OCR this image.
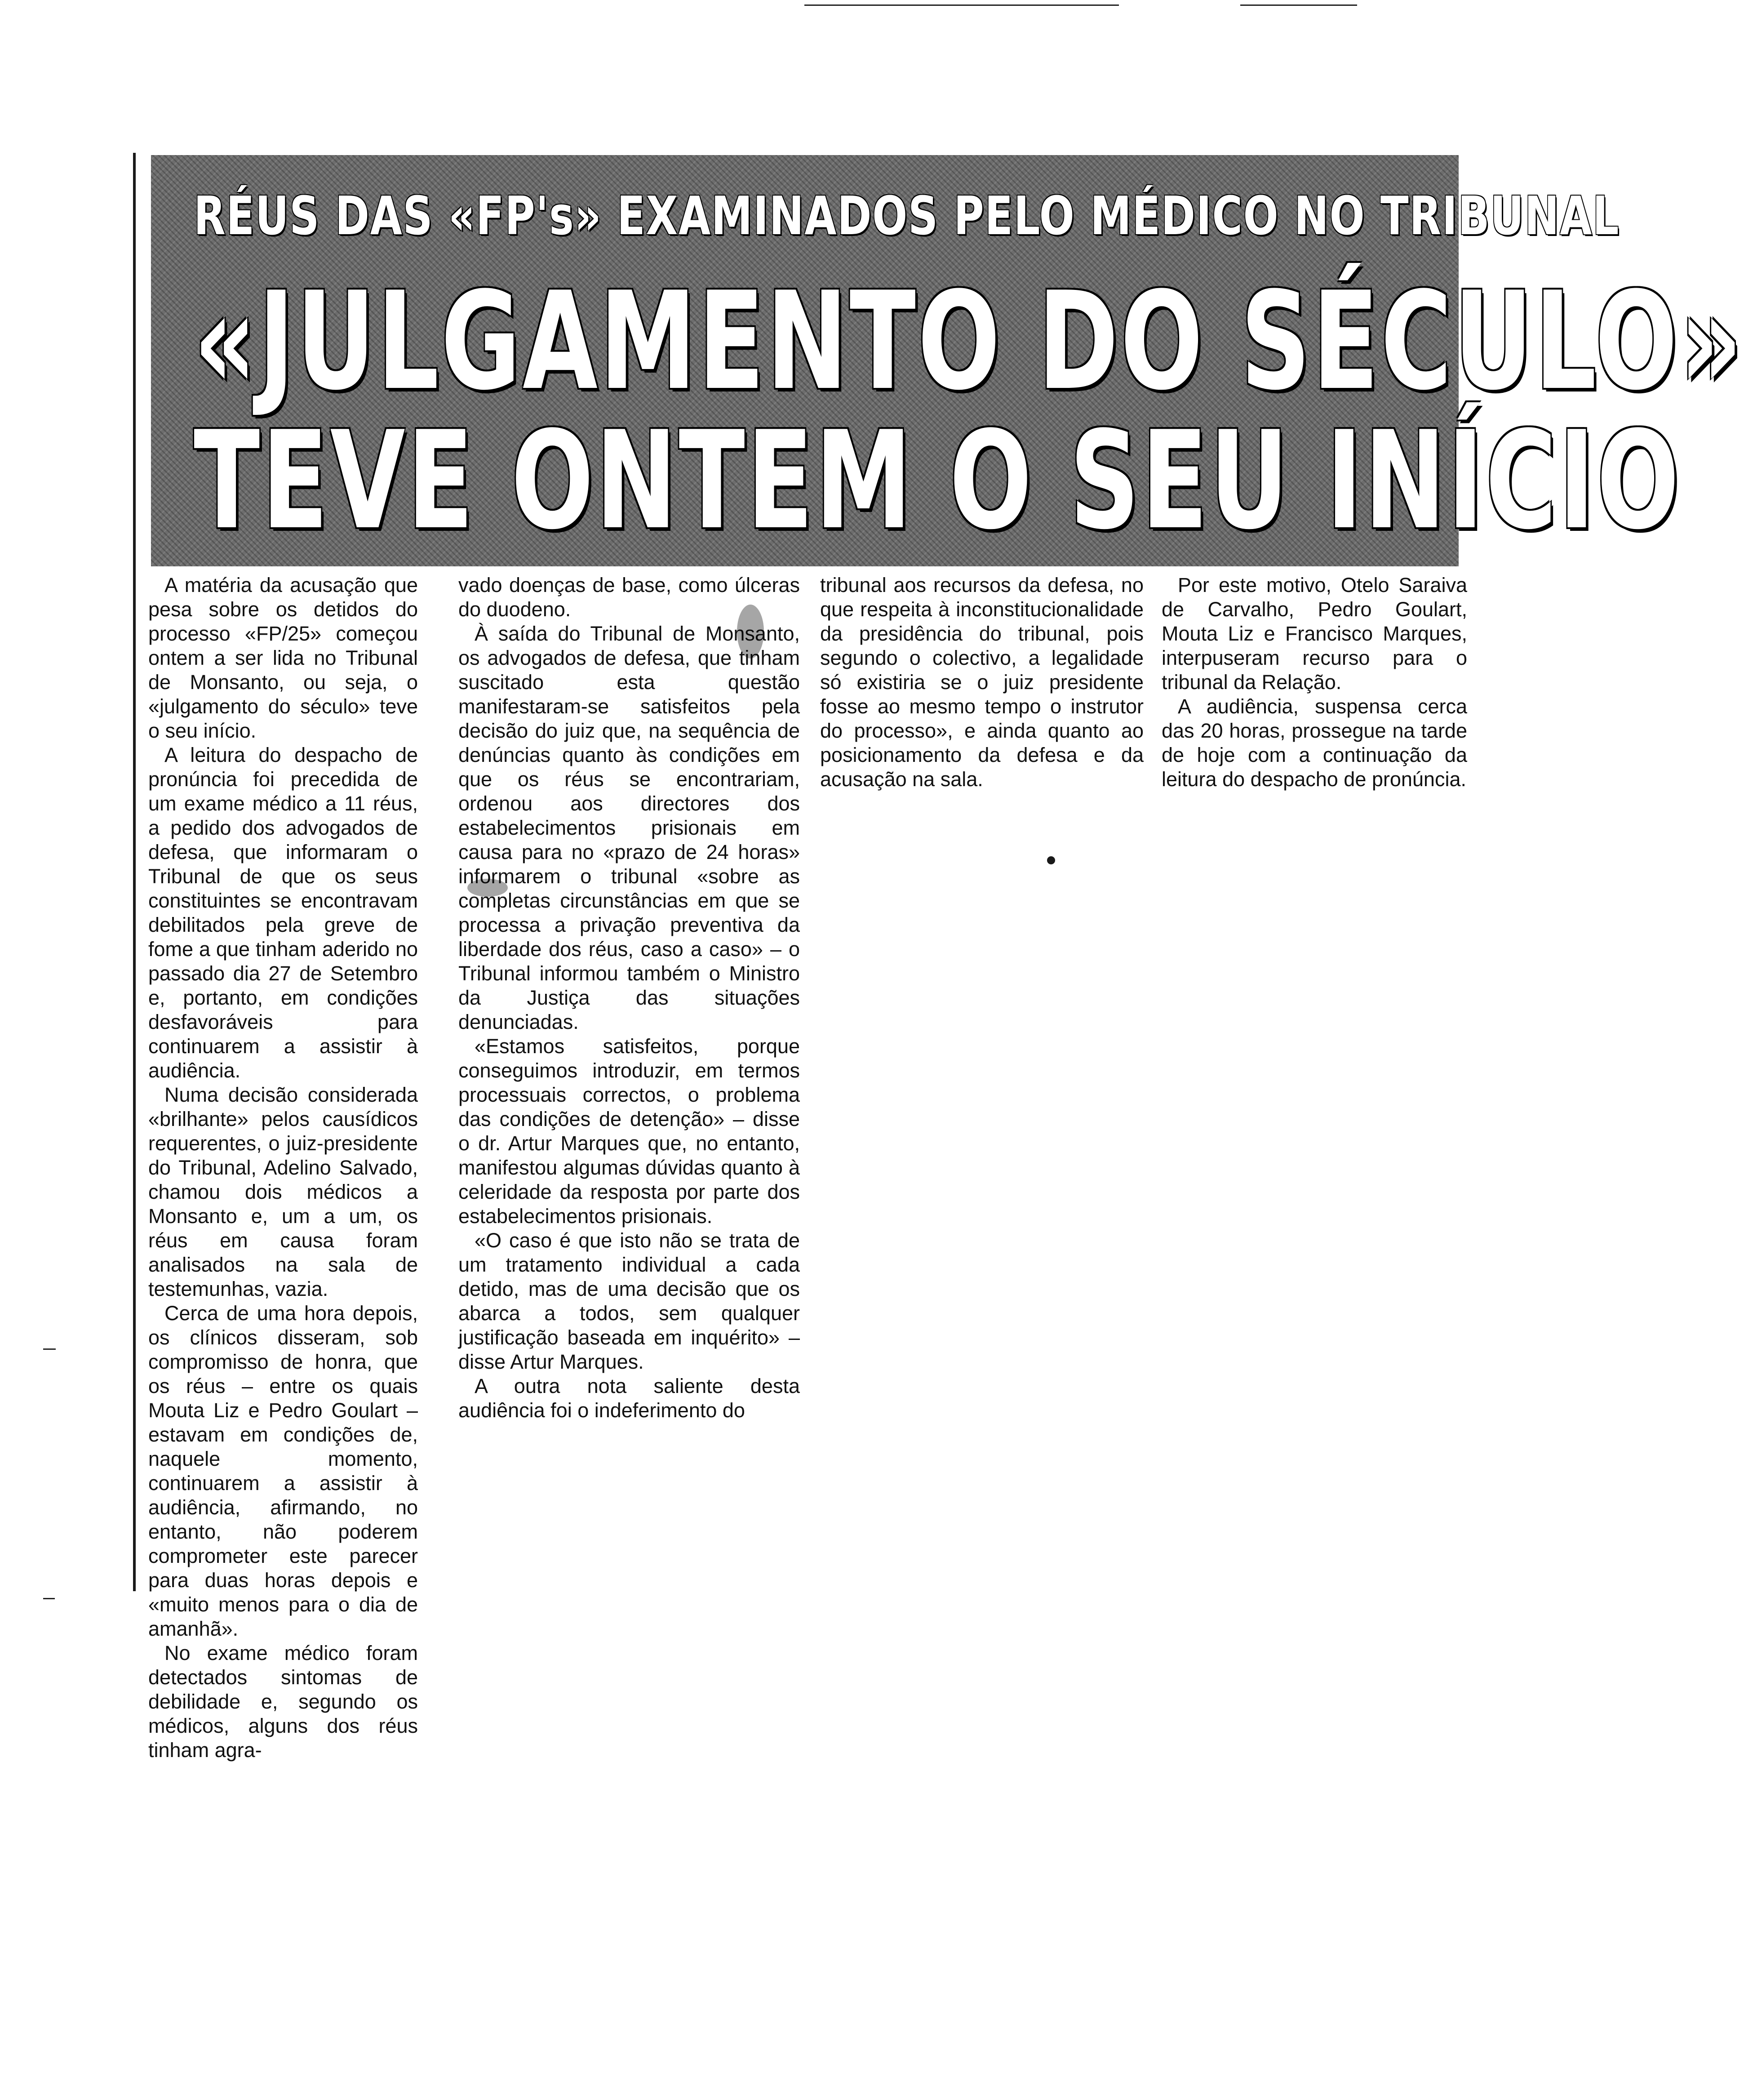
RÉUS DAS «FP's» EXAMINADOS PELO MÉDICO NO TRIBUNAL
«JULGAMENTO DO SÉCULO»
TEVE ONTEM O SEU INÍCIO

A matéria da acusação que pesa sobre os detidos do processo «FP/25» começou ontem a ser lida no Tribunal de Monsanto, ou seja, o «julgamento do século» teve o seu início.

A leitura do despacho de pronúncia foi precedida de um exame médico a 11 réus, a pedido dos advogados de defesa, que informaram o Tribunal de que os seus constituintes se encontravam debilitados pela greve de fome a que tinham aderido no passado dia 27 de Setembro e, portanto, em condições desfavoráveis para continuarem a assistir à audiência.

Numa decisão considerada «brilhante» pelos causídicos requerentes, o juiz-presidente do Tribunal, Adelino Salvado, chamou dois médicos a Monsanto e, um a um, os réus em causa foram analisados na sala de testemunhas, vazia.

Cerca de uma hora depois, os clínicos disseram, sob compromisso de honra, que os réus – entre os quais Mouta Liz e Pedro Goulart – estavam em condições de, naquele momento, continuarem a assistir à audiência, afirmando, no entanto, não poderem comprometer este parecer para duas horas depois e «muito menos para o dia de amanhã».

No exame médico foram detectados sintomas de debilidade e, segundo os médicos, alguns dos réus tinham agra-

vado doenças de base, como úlceras do duodeno.

À saída do Tribunal de Monsanto, os advogados de defesa, que tinham suscitado esta questão manifestaram-se satisfeitos pela decisão do juiz que, na sequência de denúncias quanto às condições em que os réus se encontrariam, ordenou aos directores dos estabelecimentos prisionais em causa para no «prazo de 24 horas» informarem o tribunal «sobre as completas circunstâncias em que se processa a privação preventiva da liberdade dos réus, caso a caso» – o Tribunal informou também o Ministro da Justiça das situações denunciadas.

«Estamos satisfeitos, porque conseguimos introduzir, em termos processuais correctos, o problema das condições de detenção» – disse o dr. Artur Marques que, no entanto, manifestou algumas dúvidas quanto à celeridade da resposta por parte dos estabelecimentos prisionais.

«O caso é que isto não se trata de um tratamento individual a cada detido, mas de uma decisão que os abarca a todos, sem qualquer justificação baseada em inquérito» – disse Artur Marques.

A outra nota saliente desta audiência foi o indeferimento do

tribunal aos recursos da defesa, no que respeita à inconstitucionalidade da presidência do tribunal, pois segundo o colectivo, a legalidade só existiria se o juiz presidente fosse ao mesmo tempo o instrutor do processo», e ainda quanto ao posicionamento da defesa e da acusação na sala.

Por este motivo, Otelo Saraiva de Carvalho, Pedro Goulart, Mouta Liz e Francisco Marques, interpuseram recurso para o tribunal da Relação.

A audiência, suspensa cerca das 20 horas, prossegue na tarde de hoje com a continuação da leitura do despacho de pronúncia.
